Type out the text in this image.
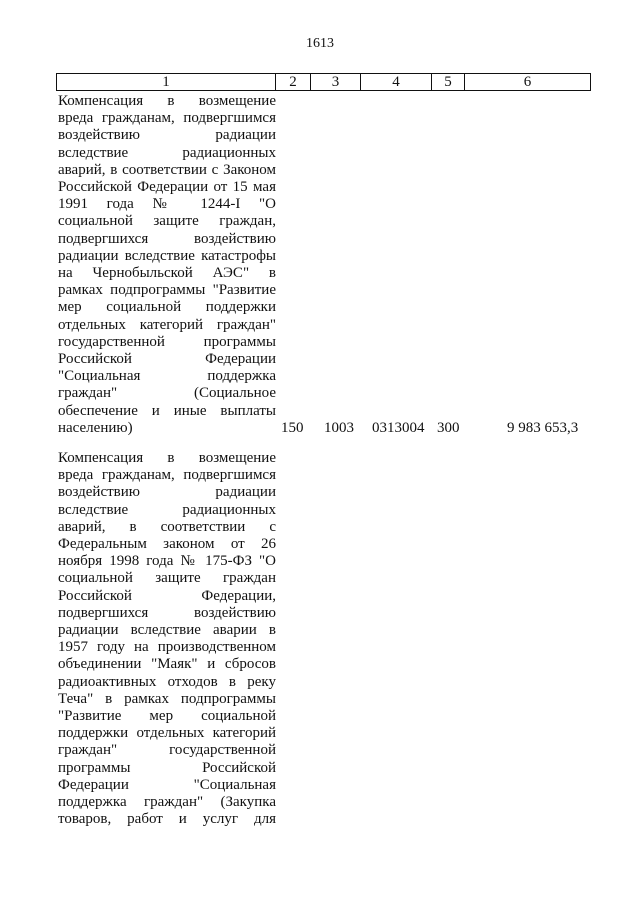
1613
1	2	3	4	5	6
Компенсация в возмещение
вреда гражданам, подвергшимся
воздействию радиации
вследствие радиационных
аварий, в соответствии с Законом
Российской Федерации от 15 мая
1991 года № 1244-I "О
социальной защите граждан,
подвергшихся воздействию
радиации вследствие катастрофы
на Чернобыльской АЭС" в
рамках подпрограммы "Развитие
мер социальной поддержки
отдельных категорий граждан"
государственной программы
Российской Федерации
"Социальная поддержка
граждан" (Социальное
обеспечение и иные выплаты
населению)	150 1003 0313004 300	9 983 653,3
Компенсация в возмещение
вреда гражданам, подвергшимся
воздействию радиации
вследствие радиационных
аварий, в соответствии с
Федеральным законом от 26
ноября 1998 года № 175-ФЗ "О
социальной защите граждан
Российской Федерации,
подвергшихся воздействию
радиации вследствие аварии в
1957 году на производственном
объединении "Маяк" и сбросов
радиоактивных отходов в реку
Теча" в рамках подпрограммы
"Развитие мер социальной
поддержки отдельных категорий
граждан" государственной
программы Российской
Федерации "Социальная
поддержка граждан" (Закупка
товаров, работ и услуг для
